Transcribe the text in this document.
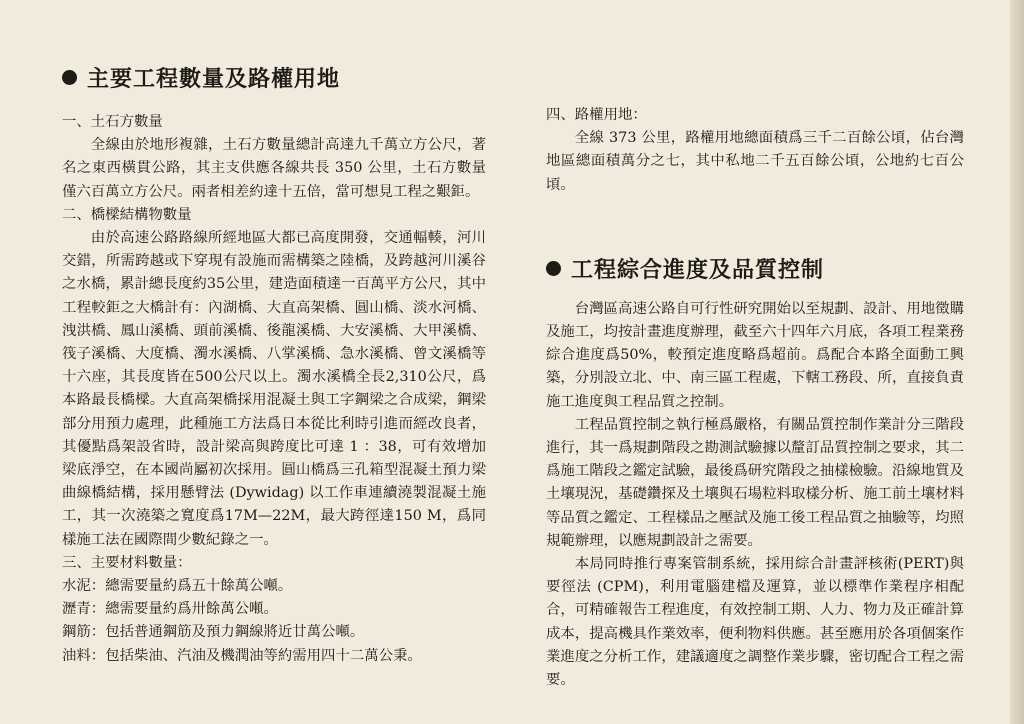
主要工程數量及路權用地
一、土石方數量

全線由於地形複雜，土石方數量總計高達九千萬立方公尺，著名之東西橫貫公路，其主支供應各線共長 350 公里，土石方數量僅六百萬立方公尺。兩者相差約達十五倍，當可想見工程之艱鉅。

二、橋樑結構物數量

由於高速公路路線所經地區大都已高度開發，交通輻輳，河川交錯，所需跨越或下穿現有設施而需構築之陸橋，及跨越河川溪谷之水橋，累計總長度約35公里，建造面積達一百萬平方公尺，其中工程較鉅之大橋計有：內湖橋、大直高架橋、圓山橋、淡水河橋、洩洪橋、鳳山溪橋、頭前溪橋、後龍溪橋、大安溪橋、大甲溪橋、筏子溪橋、大度橋、濁水溪橋、八掌溪橋、急水溪橋、曾文溪橋等十六座，其長度皆在500公尺以上。濁水溪橋全長2,310公尺，爲本路最長橋樑。大直高架橋採用混凝土與工字鋼梁之合成梁，鋼梁部分用預力處理，此種施工方法爲日本從比利時引進而經改良者，其優點爲架設省時，設計梁高與跨度比可達 1 ：38，可有效增加梁底淨空，在本國尚屬初次採用。圓山橋爲三孔箱型混凝土預力梁曲線橋結構，採用懸臂法 (Dywidag) 以工作車連續澆製混凝土施工，其一次澆築之寬度爲17M—22M，最大跨徑達150 M，爲同樣施工法在國際間少數紀錄之一。

三、主要材料數量：
水泥： 總需要量約爲五十餘萬公噸。
瀝青： 總需要量約爲卅餘萬公噸。
鋼筋： 包括普通鋼筋及預力鋼線將近廿萬公噸。
油料： 包括柴油、汽油及機潤油等約需用四十二萬公秉。
四、路權用地：

全線 373 公里，路權用地總面積爲三千二百餘公頃，佔台灣地區總面積萬分之七，其中私地二千五百餘公頃，公地約七百公頃。

工程綜合進度及品質控制

台灣區高速公路自可行性研究開始以至規劃、設計、用地徵購及施工，均按計畫進度辦理，截至六十四年六月底，各項工程業務綜合進度爲50%，較預定進度略爲超前。爲配合本路全面動工興築，分別設立北、中、南三區工程處，下轄工務段、所，直接負責施工進度與工程品質之控制。

工程品質控制之執行極爲嚴格，有關品質控制作業計分三階段進行，其一爲規劃階段之勘測試驗據以釐訂品質控制之要求，其二爲施工階段之鑑定試驗，最後爲研究階段之抽樣檢驗。沿線地質及土壤現況，基礎鑽探及土壤與石場粒料取樣分析、施工前土壤材料等品質之鑑定、工程樣品之壓試及施工後工程品質之抽驗等，均照規範辦理，以應規劃設計之需要。

本局同時推行專案管制系統，採用綜合計畫評核術(PERT)與要徑法 (CPM)，利用電腦建檔及運算，並以標準作業程序相配合，可精確報告工程進度，有效控制工期、人力、物力及正確計算成本，提高機具作業效率，便利物料供應。甚至應用於各項個案作業進度之分析工作，建議適度之調整作業步驟，密切配合工程之需要。
